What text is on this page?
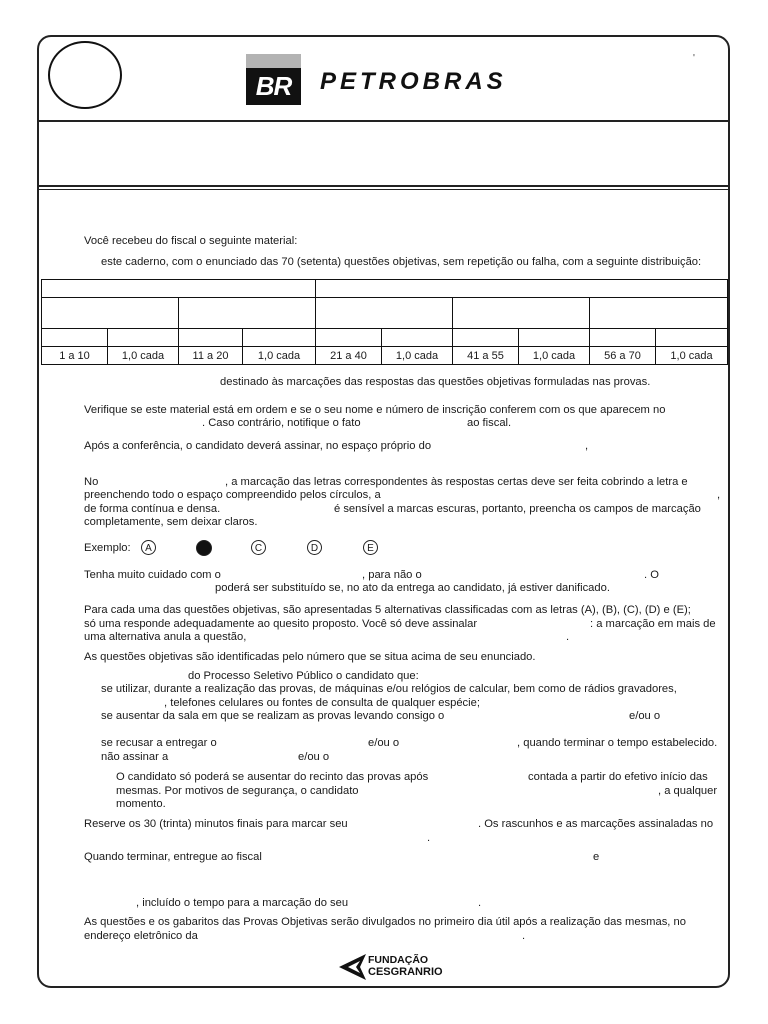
BR	PETROBRAS
'
Você recebeu do fiscal o seguinte material:
este caderno, com o enunciado das 70 (setenta) questões objetivas, sem repetição ou falha, com a seguinte distribuição:

1 a 10	1,0 cada	11 a 20	1,0 cada	21 a 40	1,0 cada	41 a 55	1,0 cada	56 a 70	1,0 cada
destinado às marcações das respostas das questões objetivas formuladas nas provas.
Verifique se este material está em ordem e se o seu nome e número de inscrição conferem com os que aparecem no
. Caso contrário, notifique o fato	ao fiscal.
Após a conferência, o candidato deverá assinar, no espaço próprio do	,
No	, a marcação das letras correspondentes às respostas certas deve ser feita cobrindo a letra e
preenchendo todo o espaço compreendido pelos círculos, a	,
de forma contínua e densa.	é sensível a marcas escuras, portanto, preencha os campos de marcação
completamente, sem deixar claros.
Exemplo:	A	C	D	E
Tenha muito cuidado com o	, para não o	. O
poderá ser substituído se, no ato da entrega ao candidato, já estiver danificado.
Para cada uma das questões objetivas, são apresentadas 5 alternativas classificadas com as letras (A), (B), (C), (D) e (E);
só uma responde adequadamente ao quesito proposto. Você só deve assinalar	: a marcação em mais de
uma alternativa anula a questão,	.
As questões objetivas são identificadas pelo número que se situa acima de seu enunciado.
do Processo Seletivo Público o candidato que:
se utilizar, durante a realização das provas, de máquinas e/ou relógios de calcular, bem como de rádios gravadores,
, telefones celulares ou fontes de consulta de qualquer espécie;
se ausentar da sala em que se realizam as provas levando consigo o	e/ou o
se recusar a entregar o	e/ou o	, quando terminar o tempo estabelecido.
não assinar a	e/ou o
O candidato só poderá se ausentar do recinto das provas após	contada a partir do efetivo início das
mesmas. Por motivos de segurança, o candidato	, a qualquer
momento.
Reserve os 30 (trinta) minutos finais para marcar seu	. Os rascunhos e as marcações assinaladas no
.
Quando terminar, entregue ao fiscal	e
, incluído o tempo para a marcação do seu	.
As questões e os gabaritos das Provas Objetivas serão divulgados no primeiro dia útil após a realização das mesmas, no
endereço eletrônico da	.
FUNDAÇÃO
CESGRANRIO
